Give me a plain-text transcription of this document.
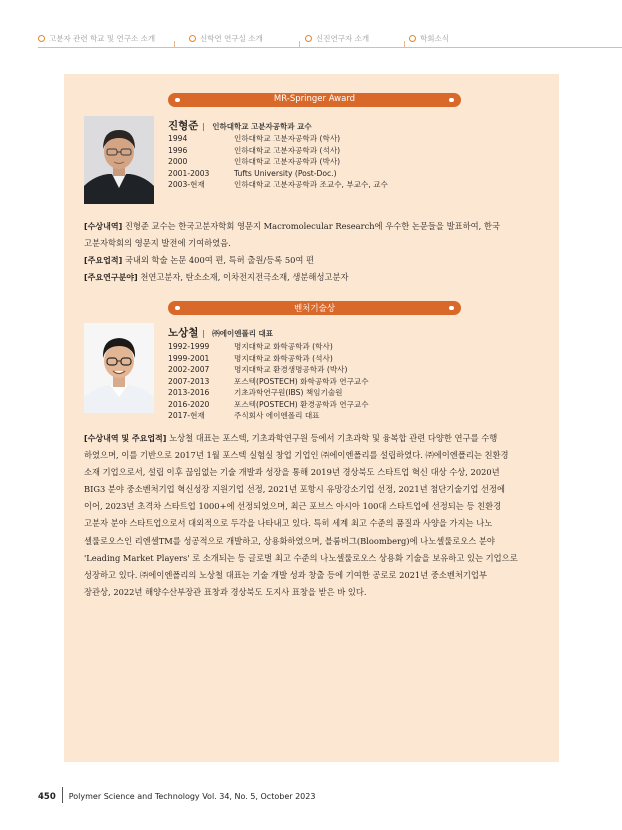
고분자 관련 학교 및 연구소 소개	신학연 연구실 소개	신진연구자 소개	학회소식
MR-Springer Award
진형준 | 인하대학교 고분자공학과 교수
1994	인하대학교 고분자공학과 (학사)
1996	인하대학교 고분자공학과 (석사)
2000	인하대학교 고분자공학과 (박사)
2001-2003	Tufts University (Post-Doc.)
2003-현재	인하대학교 고분자공학과 조교수, 부교수, 교수
[수상내역] 진형준 교수는 한국고분자학회 영문지 Macromolecular Research에 우수한 논문들을 발표하여, 한국
고분자학회의 영문지 발전에 기여하였음.
[주요업적] 국내외 학술 논문 400여 편, 특허 출원/등록 50여 편
[주요연구분야] 천연고분자, 탄소소재, 이차전지전극소재, 생분해성고분자
벤처기술상
노상철 | ㈜에이엔폴리 대표
1992-1999	명지대학교 화학공학과 (학사)
1999-2001	명지대학교 화학공학과 (석사)
2002-2007	명지대학교 환경생명공학과 (박사)
2007-2013	포스텍(POSTECH) 화학공학과 연구교수
2013-2016	기초과학연구원(IBS) 책임기술원
2016-2020	포스텍(POSTECH) 환경공학과 연구교수
2017-현재	주식회사 에이엔폴리 대표
[수상내역 및 주요업적] 노상철 대표는 포스텍, 기초과학연구원 등에서 기초과학 및 융복합 관련 다양한 연구를 수행
하였으며, 이를 기반으로 2017년 1월 포스텍 실험실 창업 기업인 ㈜에이엔폴리를 설립하였다. ㈜에이엔폴리는 친환경
소재 기업으로서, 설립 이후 끊임없는 기술 개발과 성장을 통해 2019년 경상북도 스타트업 혁신 대상 수상, 2020년
BIG3 분야 중소벤처기업 혁신성장 지원기업 선정, 2021년 포항시 유망강소기업 선정, 2021년 첨단기술기업 선정에
이어, 2023년 초격차 스타트업 1000+에 선정되었으며, 최근 포브스 아시아 100대 스타트업에 선정되는 등 친환경
고분자 분야 스타트업으로서 대외적으로 두각을 나타내고 있다. 특히 세계 최고 수준의 품질과 사양을 가지는 나노
셀룰로오스인 리엔셀TM를 성공적으로 개발하고, 상용화하였으며, 블룸버그(Bloomberg)에 나노셀룰로오스 분야
'Leading Market Players' 로 소개되는 등 글로벌 최고 수준의 나노셀룰로오스 상용화 기술을 보유하고 있는 기업으로
성장하고 있다. ㈜에이엔폴리의 노상철 대표는 기술 개발 성과 창출 등에 기여한 공로로 2021년 중소벤처기업부
장관상, 2022년 해양수산부장관 표창과 경상북도 도지사 표창을 받은 바 있다.
450 Polymer Science and Technology Vol. 34, No. 5, October 2023
